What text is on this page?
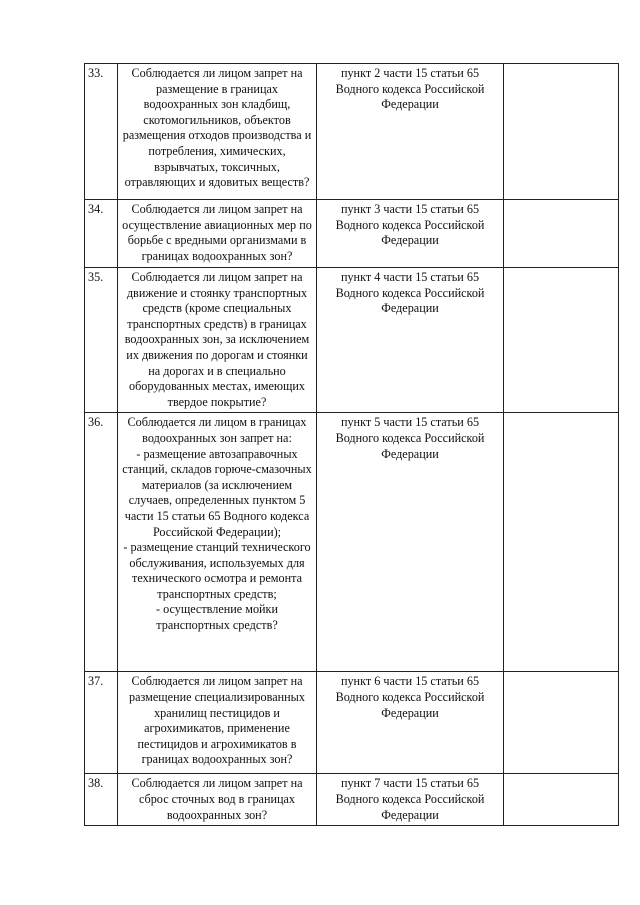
33.	Соблюдается ли лицом запрет на размещение в границах водоохранных зон кладбищ, скотомогильников, объектов размещения отходов производства и потребления, химических, взрывчатых, токсичных, отравляющих и ядовитых веществ?	пункт 2 части 15 статьи 65 Водного кодекса Российской Федерации	
34.	Соблюдается ли лицом запрет на осуществление авиационных мер по борьбе с вредными организмами в границах водоохранных зон?	пункт 3 части 15 статьи 65 Водного кодекса Российской Федерации	
35.	Соблюдается ли лицом запрет на движение и стоянку транспортных средств (кроме специальных транспортных средств) в границах водоохранных зон, за исключением их движения по дорогам и стоянки на дорогах и в специально оборудованных местах, имеющих твердое покрытие?	пункт 4 части 15 статьи 65 Водного кодекса Российской Федерации	
36.	Соблюдается ли лицом в границах водоохранных зон запрет на:
- размещение автозаправочных станций, складов горюче-смазочных материалов (за исключением случаев, определенных пунктом 5 части 15 статьи 65 Водного кодекса Российской Федерации);
- размещение станций технического обслуживания, используемых для технического осмотра и ремонта транспортных средств;
- осуществление мойки транспортных средств?	пункт 5 части 15 статьи 65 Водного кодекса Российской Федерации	
37.	Соблюдается ли лицом запрет на размещение специализированных хранилищ пестицидов и агрохимикатов, применение пестицидов и агрохимикатов в границах водоохранных зон?	пункт 6 части 15 статьи 65 Водного кодекса Российской Федерации	
38.	Соблюдается ли лицом запрет на сброс сточных вод в границах водоохранных зон?	пункт 7 части 15 статьи 65 Водного кодекса Российской Федерации	
